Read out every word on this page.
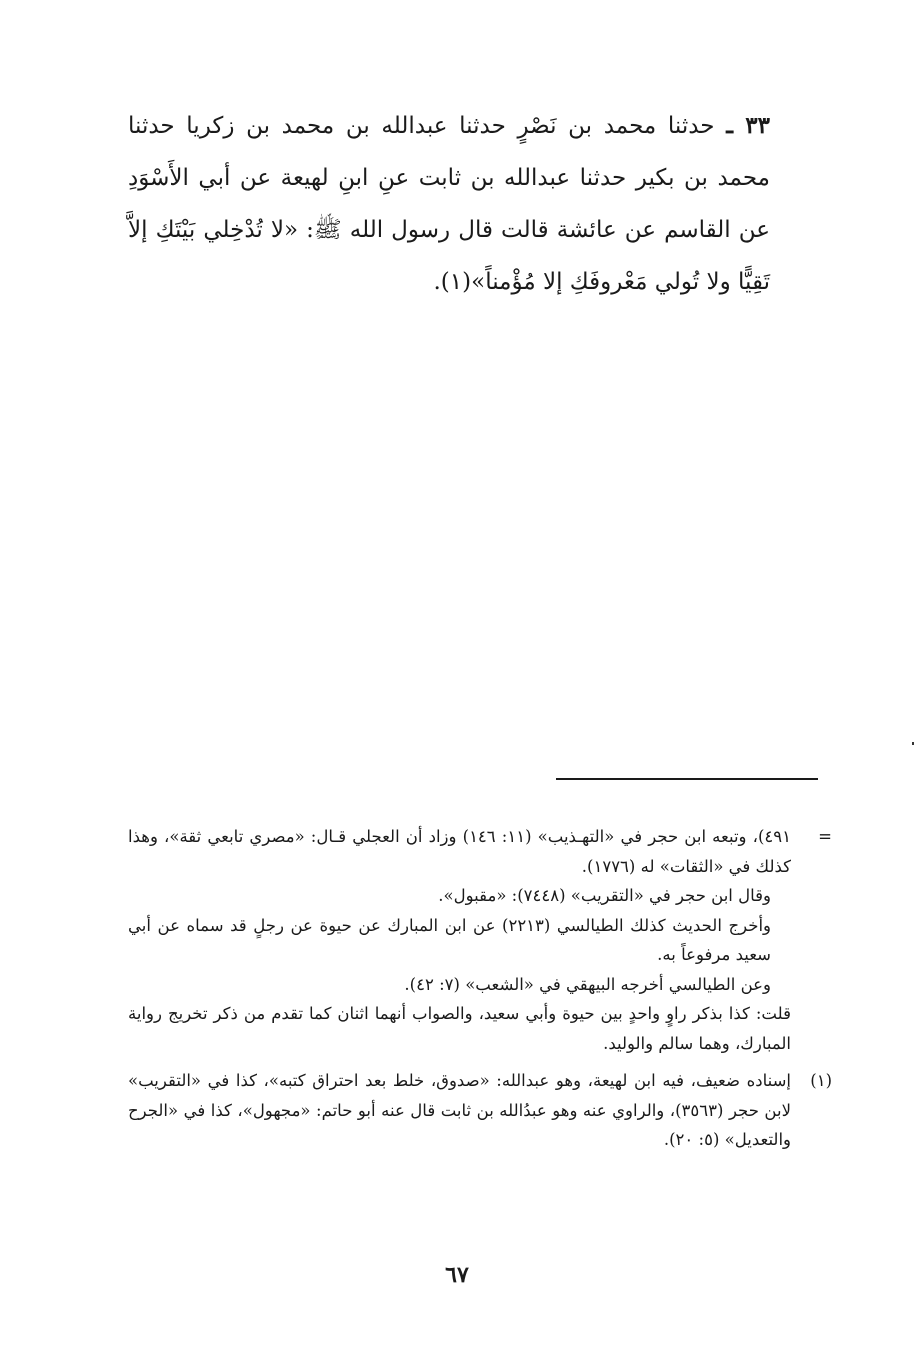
٣٣ ـ حدثنا محمد بن نَصْرٍ حدثنا عبدالله بن محمد بن زكريا حدثنا محمد بن بكير حدثنا عبدالله بن ثابت عنِ ابنِ لهيعة عن أبي الأَسْوَدِ عن القاسم عن عائشة قالت قال رسول الله ﷺ: «لا تُدْخِلي بَيْتَكِ إلاَّ تَقِيًّا ولا تُولي مَعْروفَكِ إلا مُؤْمناً»(١).

=
٤٩١)، وتبعه ابن حجر في «التهـذيب» (١١: ١٤٦) وزاد أن العجلي قـال: «مصري تابعي ثقة»، وهذا كذلك في «الثقات» له (١٧٧٦).
وقال ابن حجر في «التقريب» (٧٤٤٨): «مقبول».
وأخرج الحديث كذلك الطيالسي (٢٢١٣) عن ابن المبارك عن حيوة عن رجلٍ قد سماه عن أبي سعيد مرفوعاً به.
وعن الطيالسي أخرجه البيهقي في «الشعب» (٧: ٤٢).
قلت: كذا بذكر راوٍ واحدٍ بين حيوة وأبي سعيد، والصواب أنهما اثنان كما تقدم من ذكر تخريج رواية المبارك، وهما سالم والوليد.
(١)
إسناده ضعيف، فيه ابن لهيعة، وهو عبدالله: «صدوق، خلط بعد احتراق كتبه»، كذا في «التقريب» لابن حجر (٣٥٦٣)، والراوي عنه وهو عبدُالله بن ثابت قال عنه أبو حاتم: «مجهول»، كذا في «الجرح والتعديل» (٥: ٢٠).
٦٧
